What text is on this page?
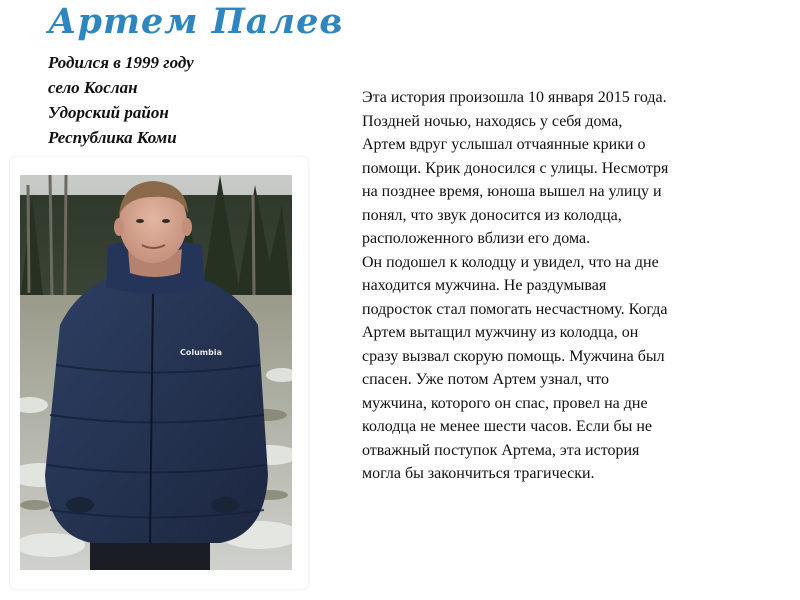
Артем Палев
Родился в 1999 году
село Кослан
Удорский район
Республика Коми
Columbia
Эта история произошла 10 января 2015 года.
Поздней ночью, находясь у себя дома,
Артем вдруг услышал отчаянные крики о
помощи. Крик доносился с улицы. Несмотря
на позднее время, юноша вышел на улицу и
понял, что звук доносится из колодца,
расположенного вблизи его дома.
Он подошел к колодцу и увидел, что на дне
находится мужчина. Не раздумывая
подросток стал помогать несчастному. Когда
Артем вытащил мужчину из колодца, он
сразу вызвал скорую помощь. Мужчина был
спасен. Уже потом Артем узнал, что
мужчина, которого он спас, провел на дне
колодца не менее шести часов. Если бы не
отважный поступок Артема, эта история
могла бы закончиться трагически.
